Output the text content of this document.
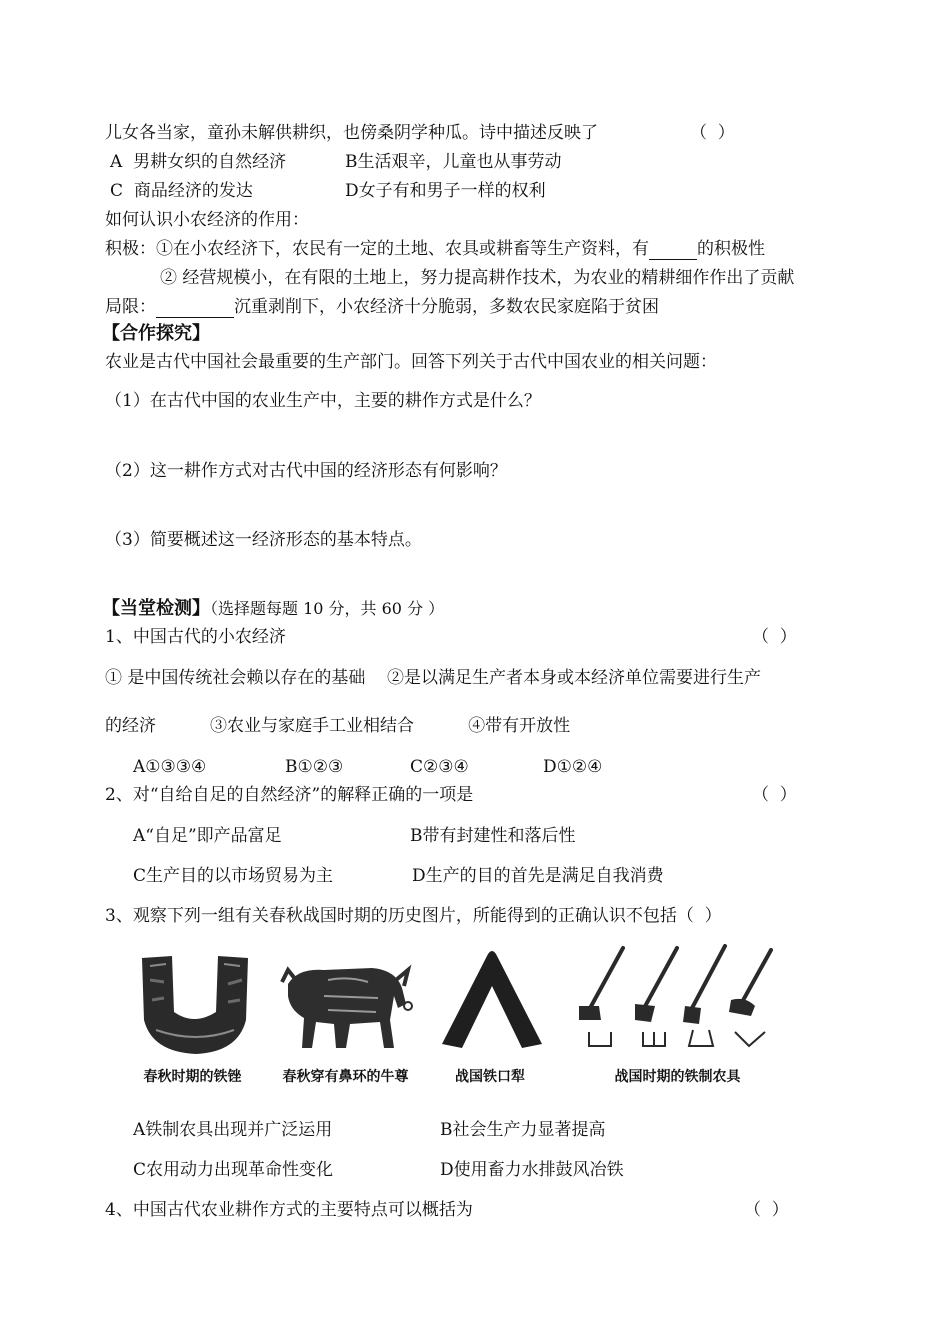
儿女各当家，童孙未解供耕织，也傍桑阴学种瓜。诗中描述反映了	（  ）
A  男耕女织的自然经济	B生活艰辛，儿童也从事劳动
C  商品经济的发达	D女子有和男子一样的权利
如何认识小农经济的作用：
积极：①在小农经济下，农民有一定的土地、农具或耕畜等生产资料，有	的积极性
② 经营规模小，在有限的土地上，努力提高耕作技术，为农业的精耕细作作出了贡献
局限：	沉重剥削下，小农经济十分脆弱，多数农民家庭陷于贫困
【合作探究】
农业是古代中国社会最重要的生产部门。回答下列关于古代中国农业的相关问题：
（1）在古代中国的农业生产中，主要的耕作方式是什么？
（2）这一耕作方式对古代中国的经济形态有何影响？
（3）简要概述这一经济形态的基本特点。
【当堂检测】（选择题每题 10 分，共 60 分 ）
1、中国古代的小农经济	（  ）
① 是中国传统社会赖以存在的基础    ②是以满足生产者本身或本经济单位需要进行生产
的经济          ③农业与家庭手工业相结合          ④带有开放性
A①③③④	B①②③	C②③④	D①②④
2、对“自给自足的自然经济”的解释正确的一项是	（  ）
A“自足”即产品富足	B带有封建性和落后性
C生产目的以市场贸易为主	D生产的目的首先是满足自我消费
3、观察下列一组有关春秋战国时期的历史图片，所能得到的正确认识不包括（  ）
春秋时期的铁锉	春秋穿有鼻环的牛尊	战国铁口犁	战国时期的铁制农具
A铁制农具出现并广泛运用	B社会生产力显著提高
C农用动力出现革命性变化	D使用畜力水排鼓风冶铁
4、中国古代农业耕作方式的主要特点可以概括为	（  ）
